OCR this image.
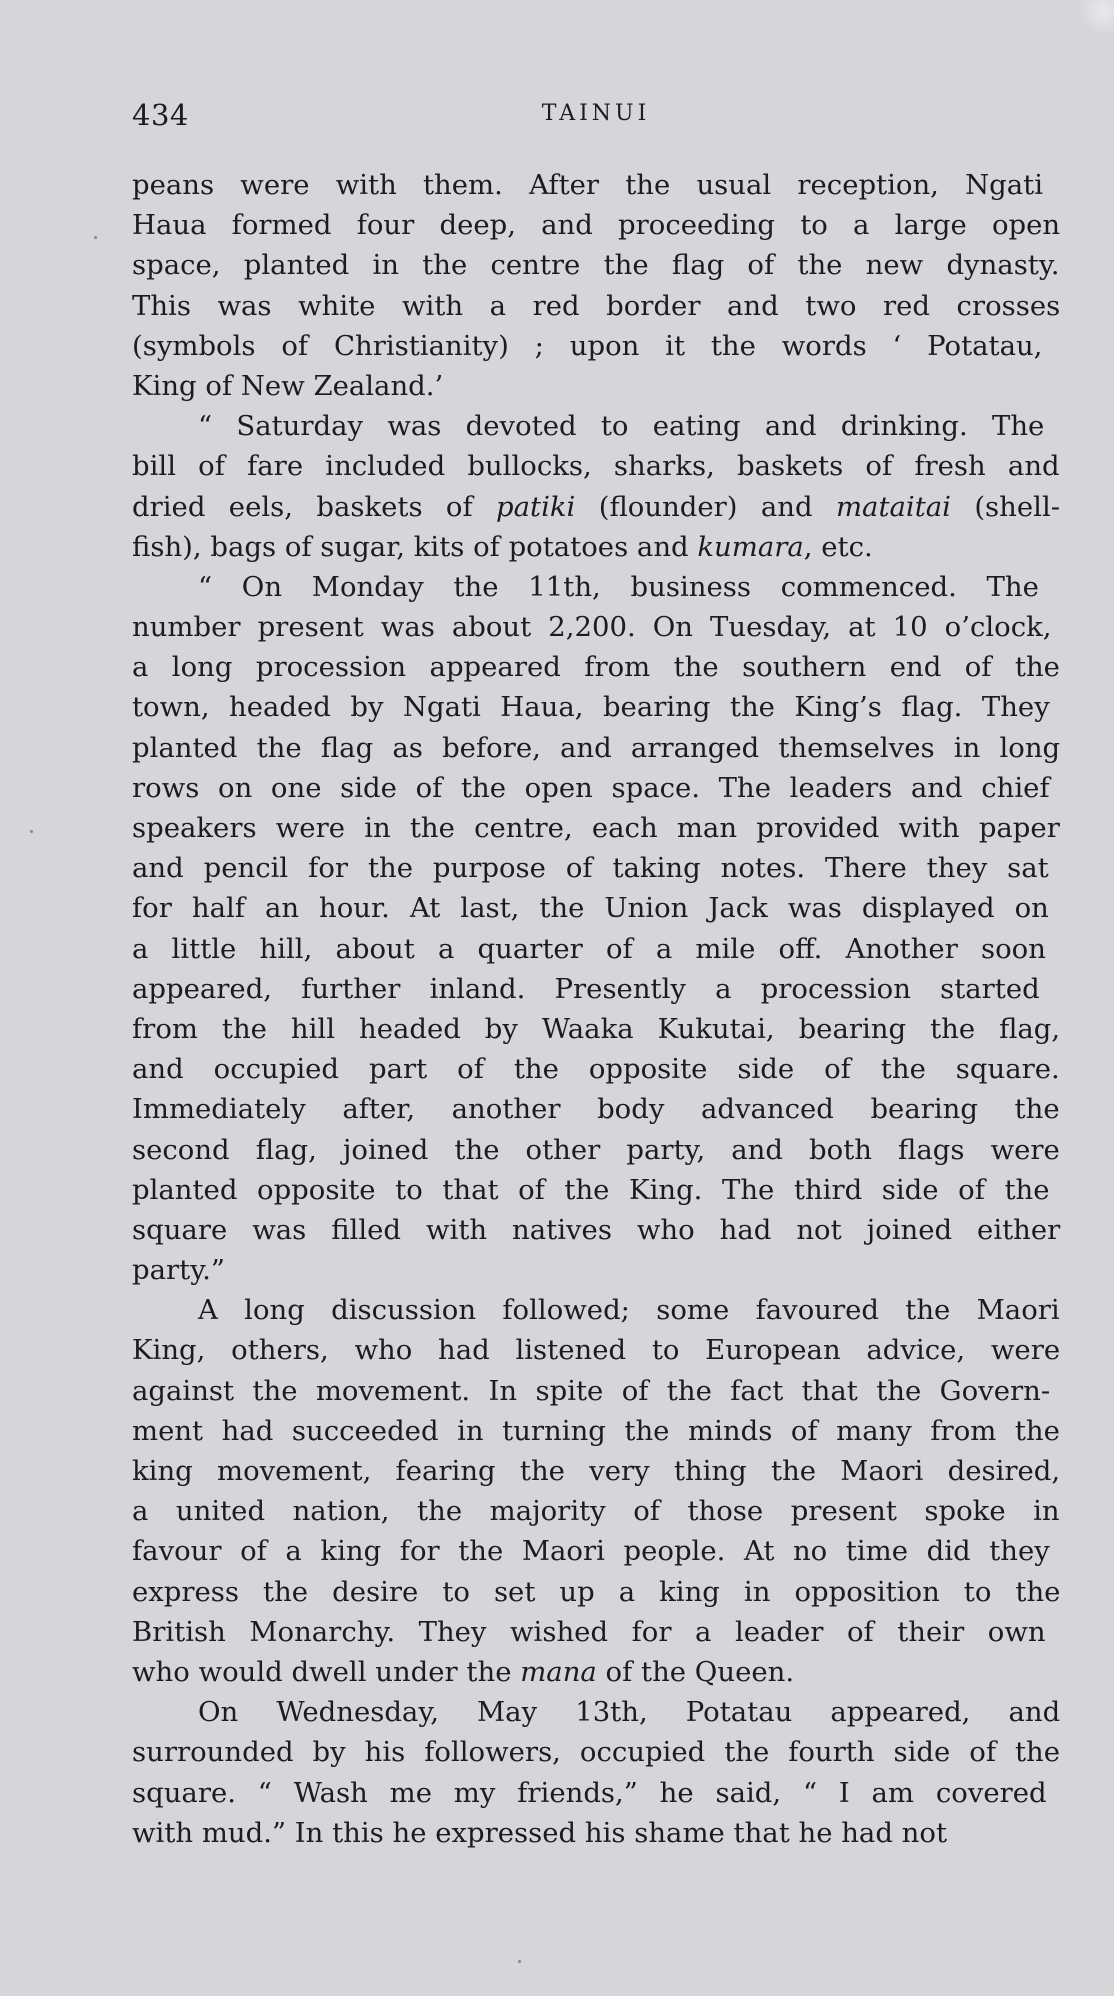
434	TAINUI

peans were with them. After the usual reception, Ngati
Haua formed four deep, and proceeding to a large open
space, planted in the centre the flag of the new dynasty.
This was white with a red border and two red crosses
(symbols of Christianity) ; upon it the words ‘ Potatau,
King of New Zealand.’

“ Saturday was devoted to eating and drinking. The
bill of fare included bullocks, sharks, baskets of fresh and
dried eels, baskets of patiki (flounder) and mataitai (shell-
fish), bags of sugar, kits of potatoes and kumara, etc.

“ On Monday the 11th, business commenced. The
number present was about 2,200. On Tuesday, at 10 o’clock,
a long procession appeared from the southern end of the
town, headed by Ngati Haua, bearing the King’s flag. They
planted the flag as before, and arranged themselves in long
rows on one side of the open space. The leaders and chief
speakers were in the centre, each man provided with paper
and pencil for the purpose of taking notes. There they sat
for half an hour. At last, the Union Jack was displayed on
a little hill, about a quarter of a mile off. Another soon
appeared, further inland. Presently a procession started
from the hill headed by Waaka Kukutai, bearing the flag,
and occupied part of the opposite side of the square.
Immediately after, another body advanced bearing the
second flag, joined the other party, and both flags were
planted opposite to that of the King. The third side of the
square was filled with natives who had not joined either
party.”

A long discussion followed; some favoured the Maori
King, others, who had listened to European advice, were
against the movement. In spite of the fact that the Govern-
ment had succeeded in turning the minds of many from the
king movement, fearing the very thing the Maori desired,
a united nation, the majority of those present spoke in
favour of a king for the Maori people. At no time did they
express the desire to set up a king in opposition to the
British Monarchy. They wished for a leader of their own
who would dwell under the mana of the Queen.

On Wednesday, May 13th, Potatau appeared, and
surrounded by his followers, occupied the fourth side of the
square. “ Wash me my friends,” he said, “ I am covered
with mud.” In this he expressed his shame that he had not
